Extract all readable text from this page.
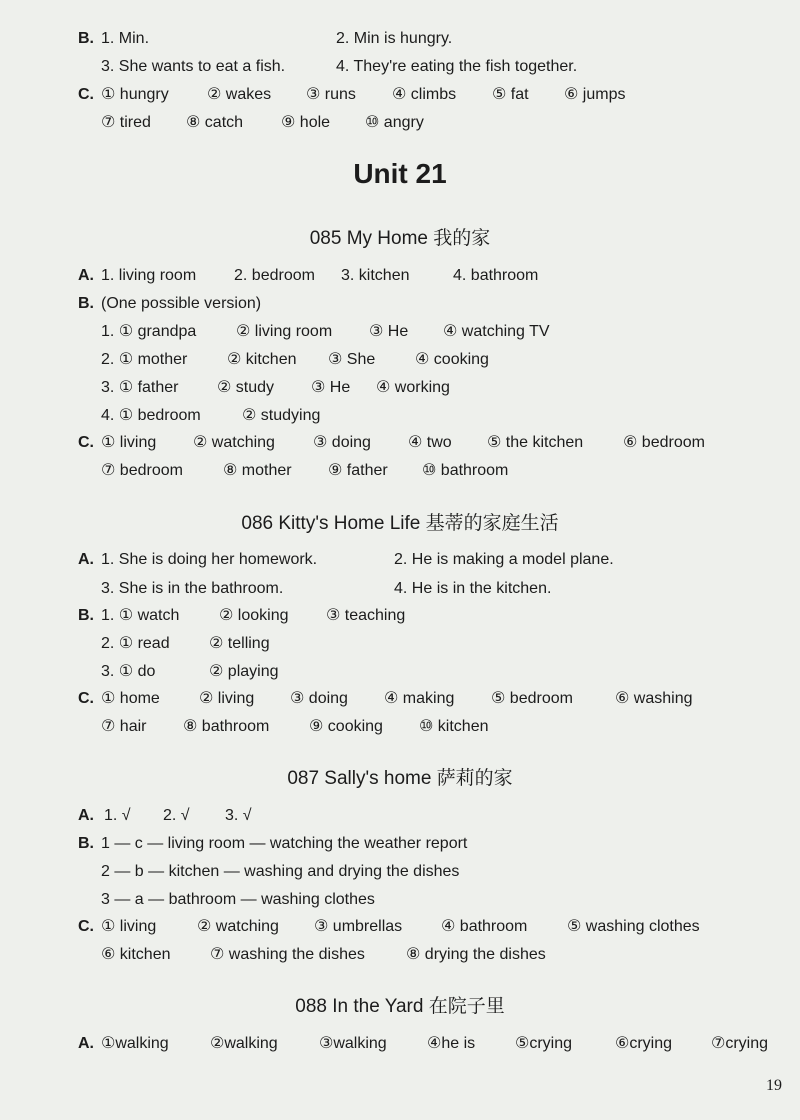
B. 1. Min.	2. Min is hungry.
3. She wants to eat a fish.	4. They're eating the fish together.
C. ① hungry ② wakes ③ runs ④ climbs ⑤ fat ⑥ jumps
⑦ tired ⑧ catch ⑨ hole ⑩ angry
Unit 21
085 My Home 我的家
A. 1. living room 2. bedroom 3. kitchen	4. bathroom
B. (One possible version)
1. ① grandpa ② living room ③ He ④ watching TV
2. ① mother ② kitchen ③ She ④ cooking
3. ① father ② study ③ He ④ working
4. ① bedroom	② studying
C. ① living ② watching ③ doing ④ two ⑤ the kitchen ⑥ bedroom
⑦ bedroom	⑧ mother ⑨ father ⑩ bathroom
086 Kitty's Home Life 基蒂的家庭生活
A. 1. She is doing her homework.	2. He is making a model plane.
3. She is in the bathroom.	4. He is in the kitchen.
B. 1. ① watch ② looking ③ teaching
2. ① read ② telling
3. ① do	② playing
C. ① home ② living ③ doing ④ making ⑤ bedroom	⑥ washing
⑦ hair ⑧ bathroom ⑨ cooking ⑩ kitchen
087 Sally's home 萨莉的家
A. 1. √ 2. √ 3. √
B. 1 — c — living room — watching the weather report
2 — b — kitchen — washing and drying the dishes
3 — a — bathroom — washing clothes
C. ① living	② watching ③ umbrellas ④ bathroom ⑤ washing clothes
⑥ kitchen ⑦ washing the dishes	⑧ drying the dishes
088 In the Yard 在院子里
A. ①walking	②walking	③walking	④he is ⑤crying	⑥crying ⑦crying
19
